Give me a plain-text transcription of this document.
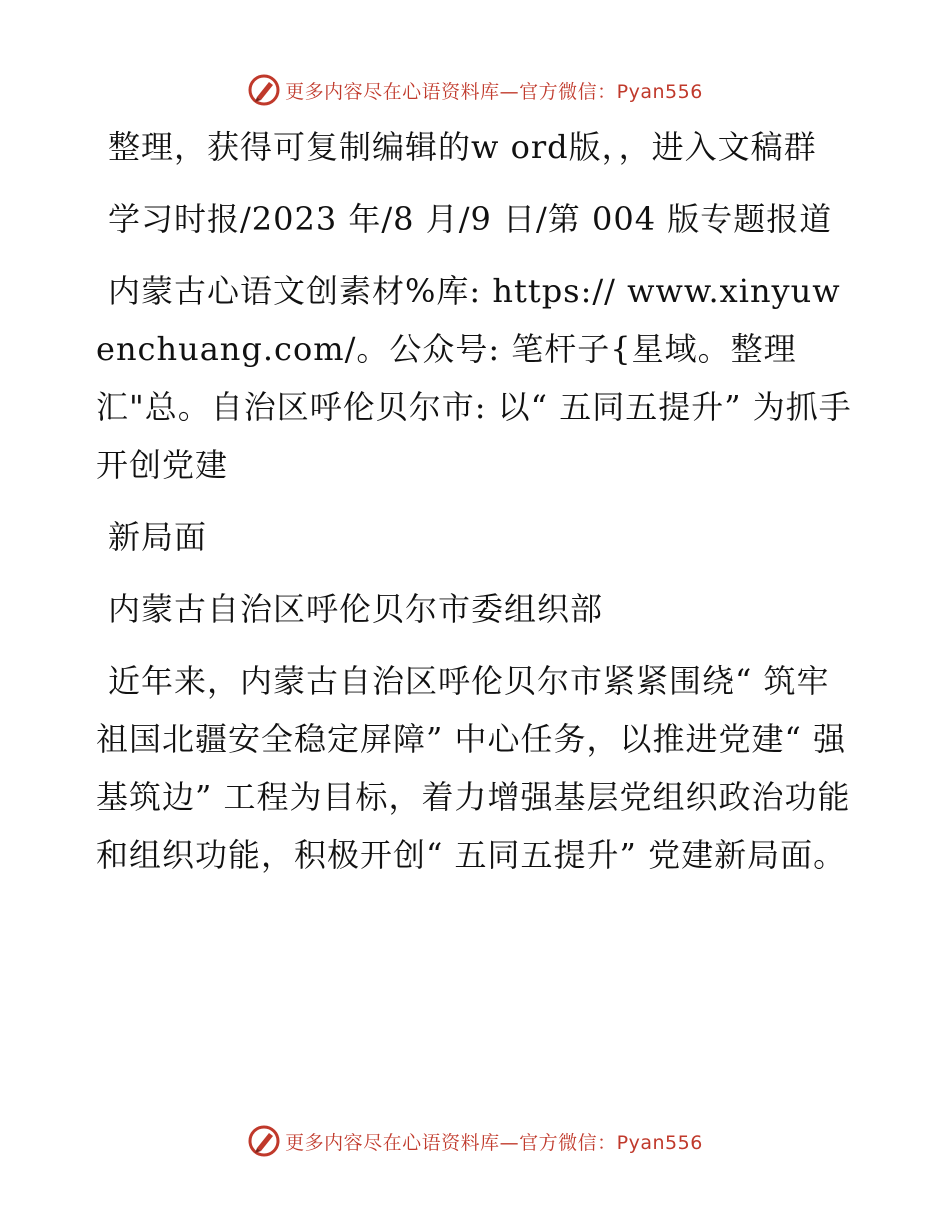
更多内容尽在心语资料库—官方微信：Pyan556

整理，获得可复制编辑的w ord版，，进入文稿群

学习时报/2023 年/8 月/9 日/第 004 版专题报道

内蒙古心语文创素材%库: https:// www.xinyuwenchuang.com/。公众号: 笔杆子{星域。整理汇"总。自治区呼伦贝尔市: 以“ 五同五提升” 为抓手开创党建

新局面

内蒙古自治区呼伦贝尔市委组织部

近年来，内蒙古自治区呼伦贝尔市紧紧围绕“ 筑牢祖国北疆安全稳定屏障” 中心任务，以推进党建“ 强基筑边” 工程为目标，着力增强基层党组织政治功能和组织功能，积极开创“ 五同五提升” 党建新局面。

更多内容尽在心语资料库—官方微信：Pyan556
